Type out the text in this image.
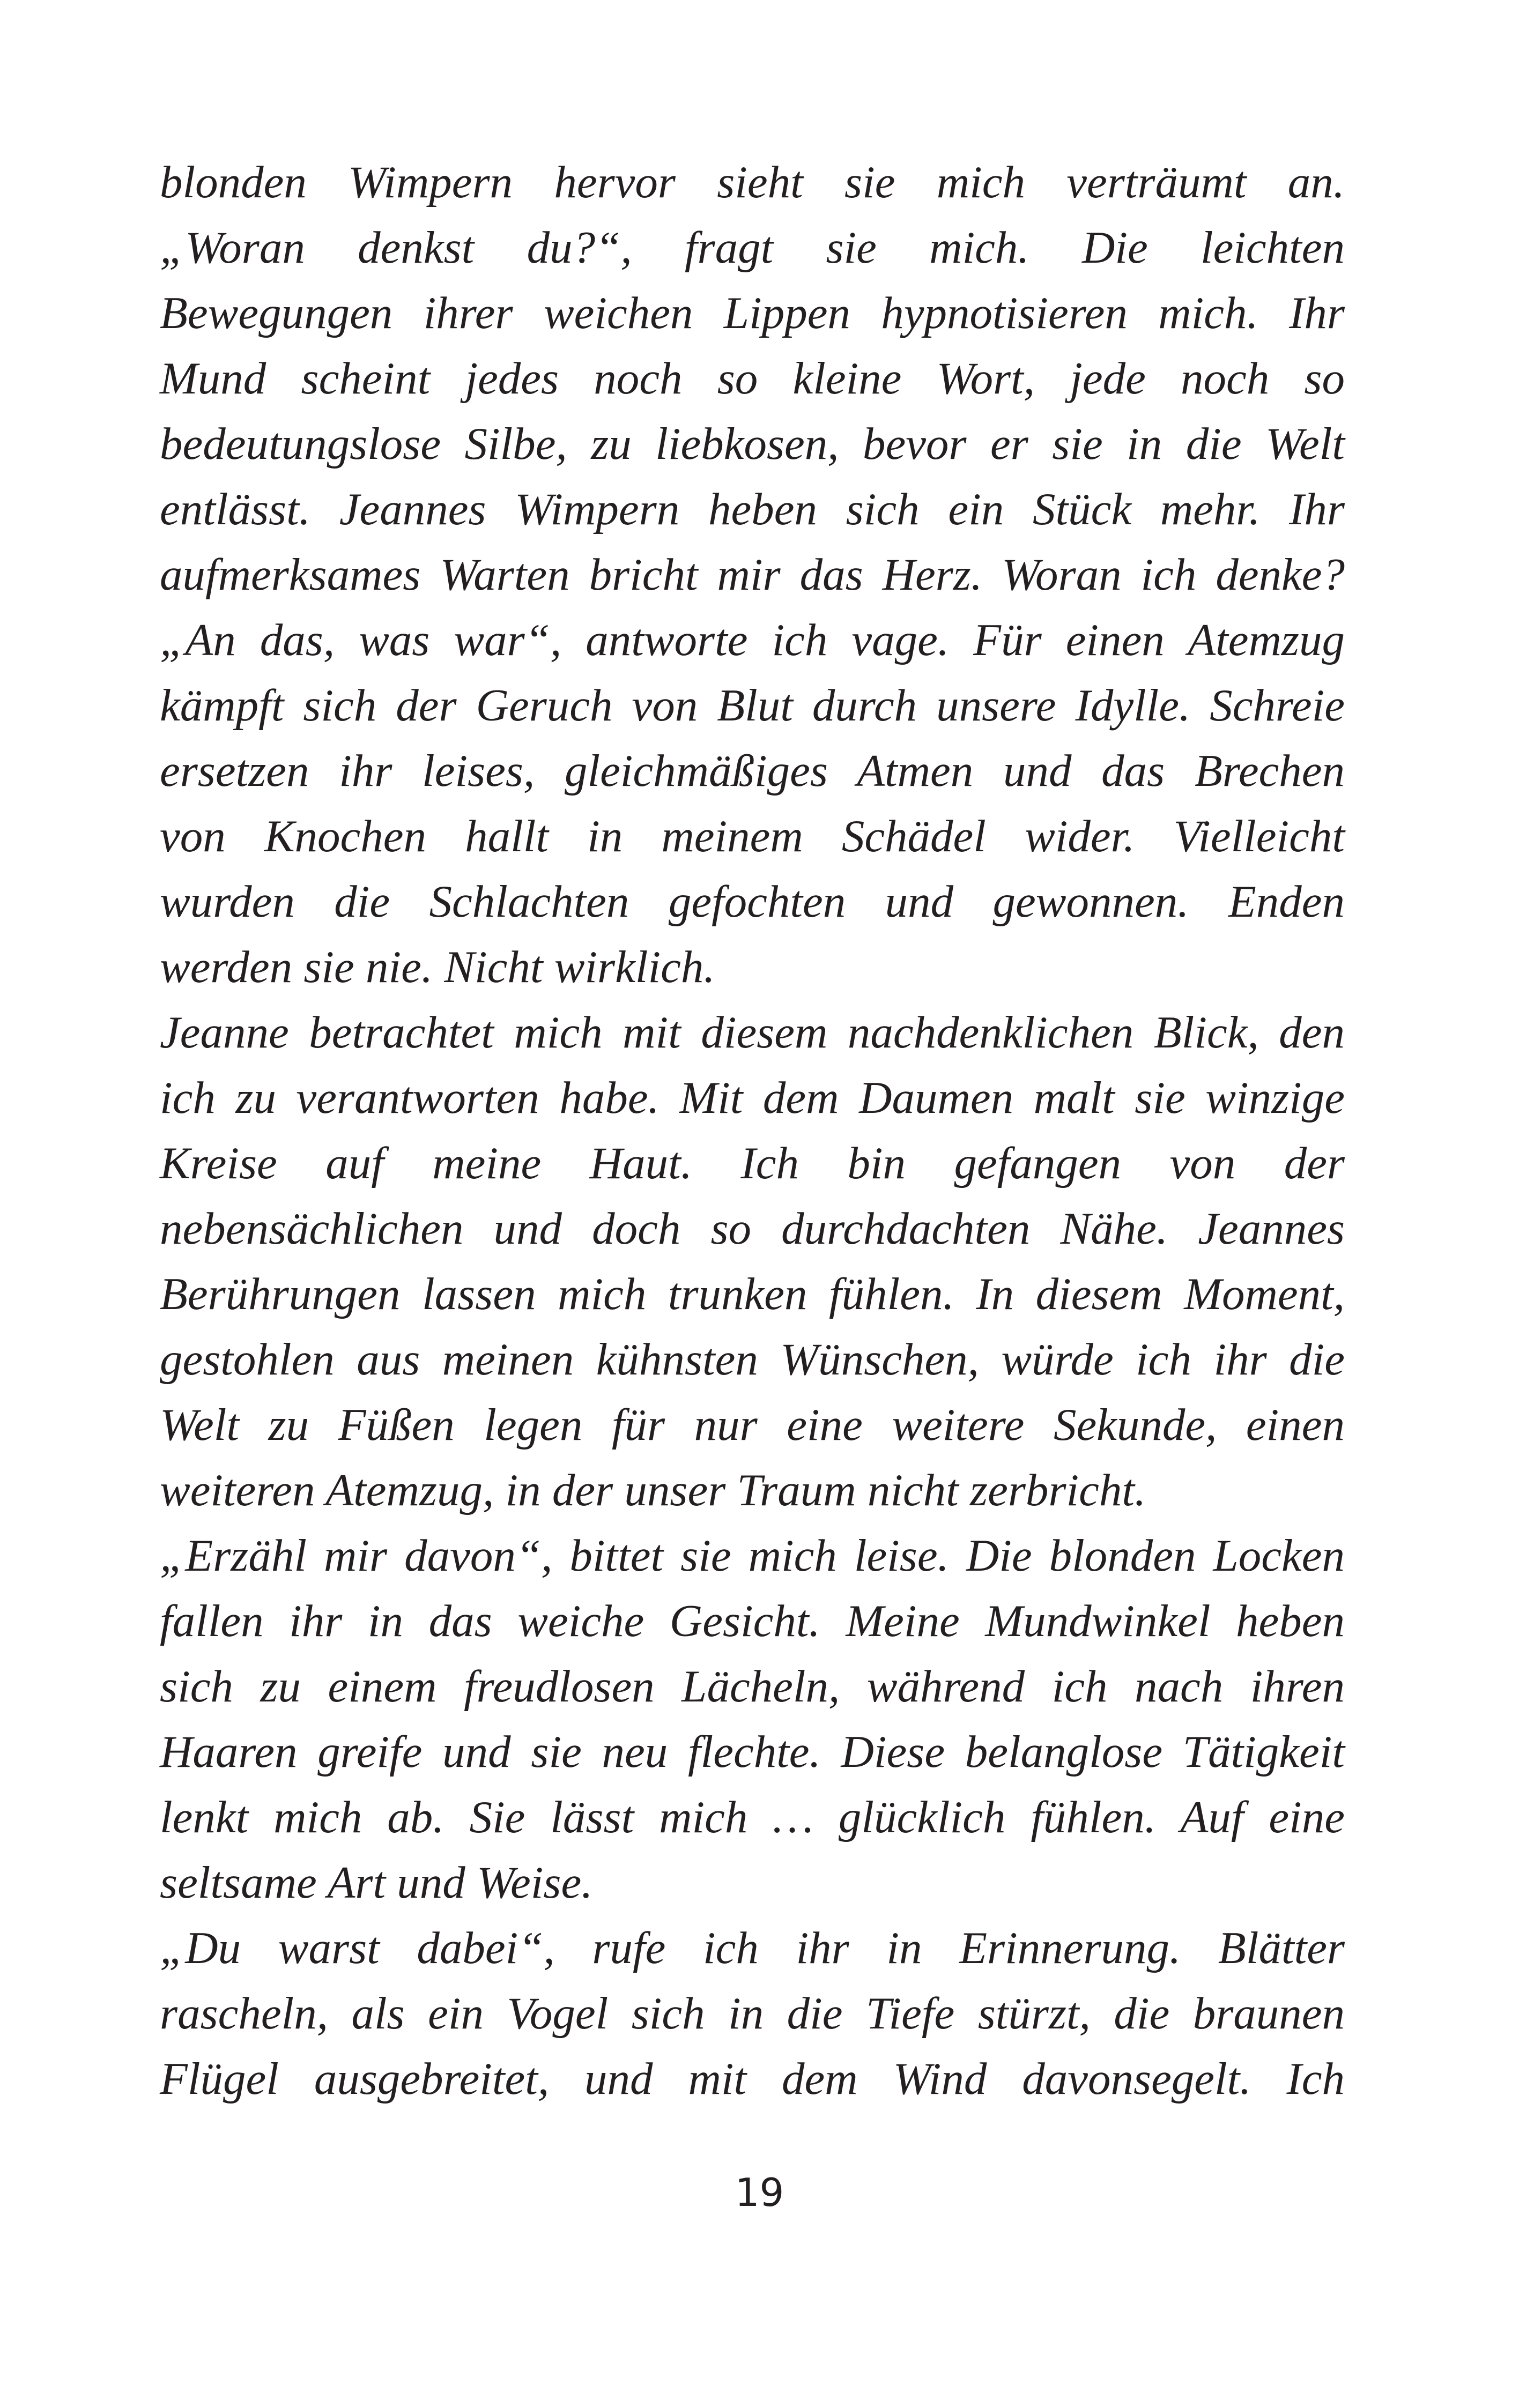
blonden Wimpern hervor sieht sie mich verträumt an.
„Woran denkst du?“, fragt sie mich. Die leichten
Bewegungen ihrer weichen Lippen hypnotisieren mich. Ihr
Mund scheint jedes noch so kleine Wort, jede noch so
bedeutungslose Silbe, zu liebkosen, bevor er sie in die Welt
entlässt. Jeannes Wimpern heben sich ein Stück mehr. Ihr
aufmerksames Warten bricht mir das Herz. Woran ich denke?
„An das, was war“, antworte ich vage. Für einen Atemzug
kämpft sich der Geruch von Blut durch unsere Idylle. Schreie
ersetzen ihr leises, gleichmäßiges Atmen und das Brechen
von Knochen hallt in meinem Schädel wider. Vielleicht
wurden die Schlachten gefochten und gewonnen. Enden
werden sie nie. Nicht wirklich.
Jeanne betrachtet mich mit diesem nachdenklichen Blick, den
ich zu verantworten habe. Mit dem Daumen malt sie winzige
Kreise auf meine Haut. Ich bin gefangen von der
nebensächlichen und doch so durchdachten Nähe. Jeannes
Berührungen lassen mich trunken fühlen. In diesem Moment,
gestohlen aus meinen kühnsten Wünschen, würde ich ihr die
Welt zu Füßen legen für nur eine weitere Sekunde, einen
weiteren Atemzug, in der unser Traum nicht zerbricht.
„Erzähl mir davon“, bittet sie mich leise. Die blonden Locken
fallen ihr in das weiche Gesicht. Meine Mundwinkel heben
sich zu einem freudlosen Lächeln, während ich nach ihren
Haaren greife und sie neu flechte. Diese belanglose Tätigkeit
lenkt mich ab. Sie lässt mich … glücklich fühlen. Auf eine
seltsame Art und Weise.
„Du warst dabei“, rufe ich ihr in Erinnerung. Blätter
rascheln, als ein Vogel sich in die Tiefe stürzt, die braunen
Flügel ausgebreitet, und mit dem Wind davonsegelt. Ich
19
